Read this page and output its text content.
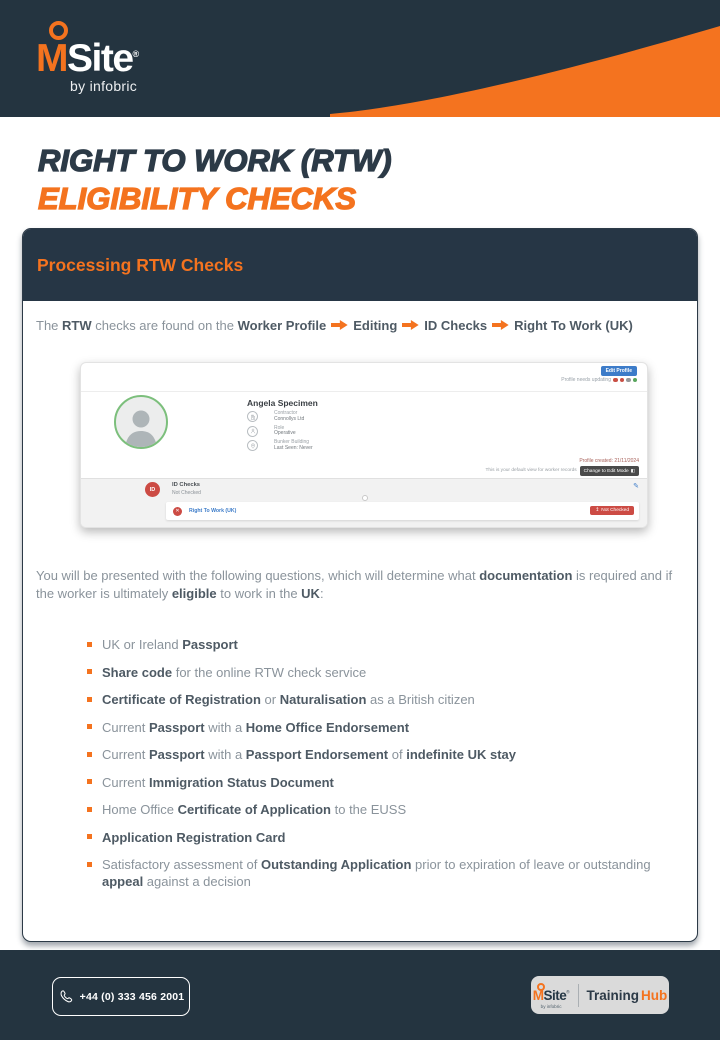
MSite®
by infobric
RIGHT TO WORK (RTW)
ELIGIBILITY CHECKS
Processing RTW Checks
The RTW checks are found on the Worker Profile Editing ID Checks Right To Work (UK)
Edit Profile
Profile needs updating
Angela Specimen
Contractor
Connollys Ltd
Role
Operative
Bunker Building
Last Seen: Never
Profile created: 21/11/2024
This is your default view for worker records	Change to Edit Mode ◧
ID
ID Checks
Not Checked
✎
✕	Right To Work (UK)	↥ Not Checked
You will be presented with the following questions, which will determine what documentation is required and if the worker is ultimately eligible to work in the UK:
UK or Ireland Passport
Share code for the online RTW check service
Certificate of Registration or Naturalisation as a British citizen
Current Passport with a Home Office Endorsement
Current Passport with a Passport Endorsement of indefinite UK stay
Current Immigration Status Document
Home Office Certificate of Application to the EUSS
Application Registration Card
Satisfactory assessment of Outstanding Application prior to expiration of leave or outstanding appeal against a decision
+44 (0) 333 456 2001	MSite®
by infobric
Training Hub
